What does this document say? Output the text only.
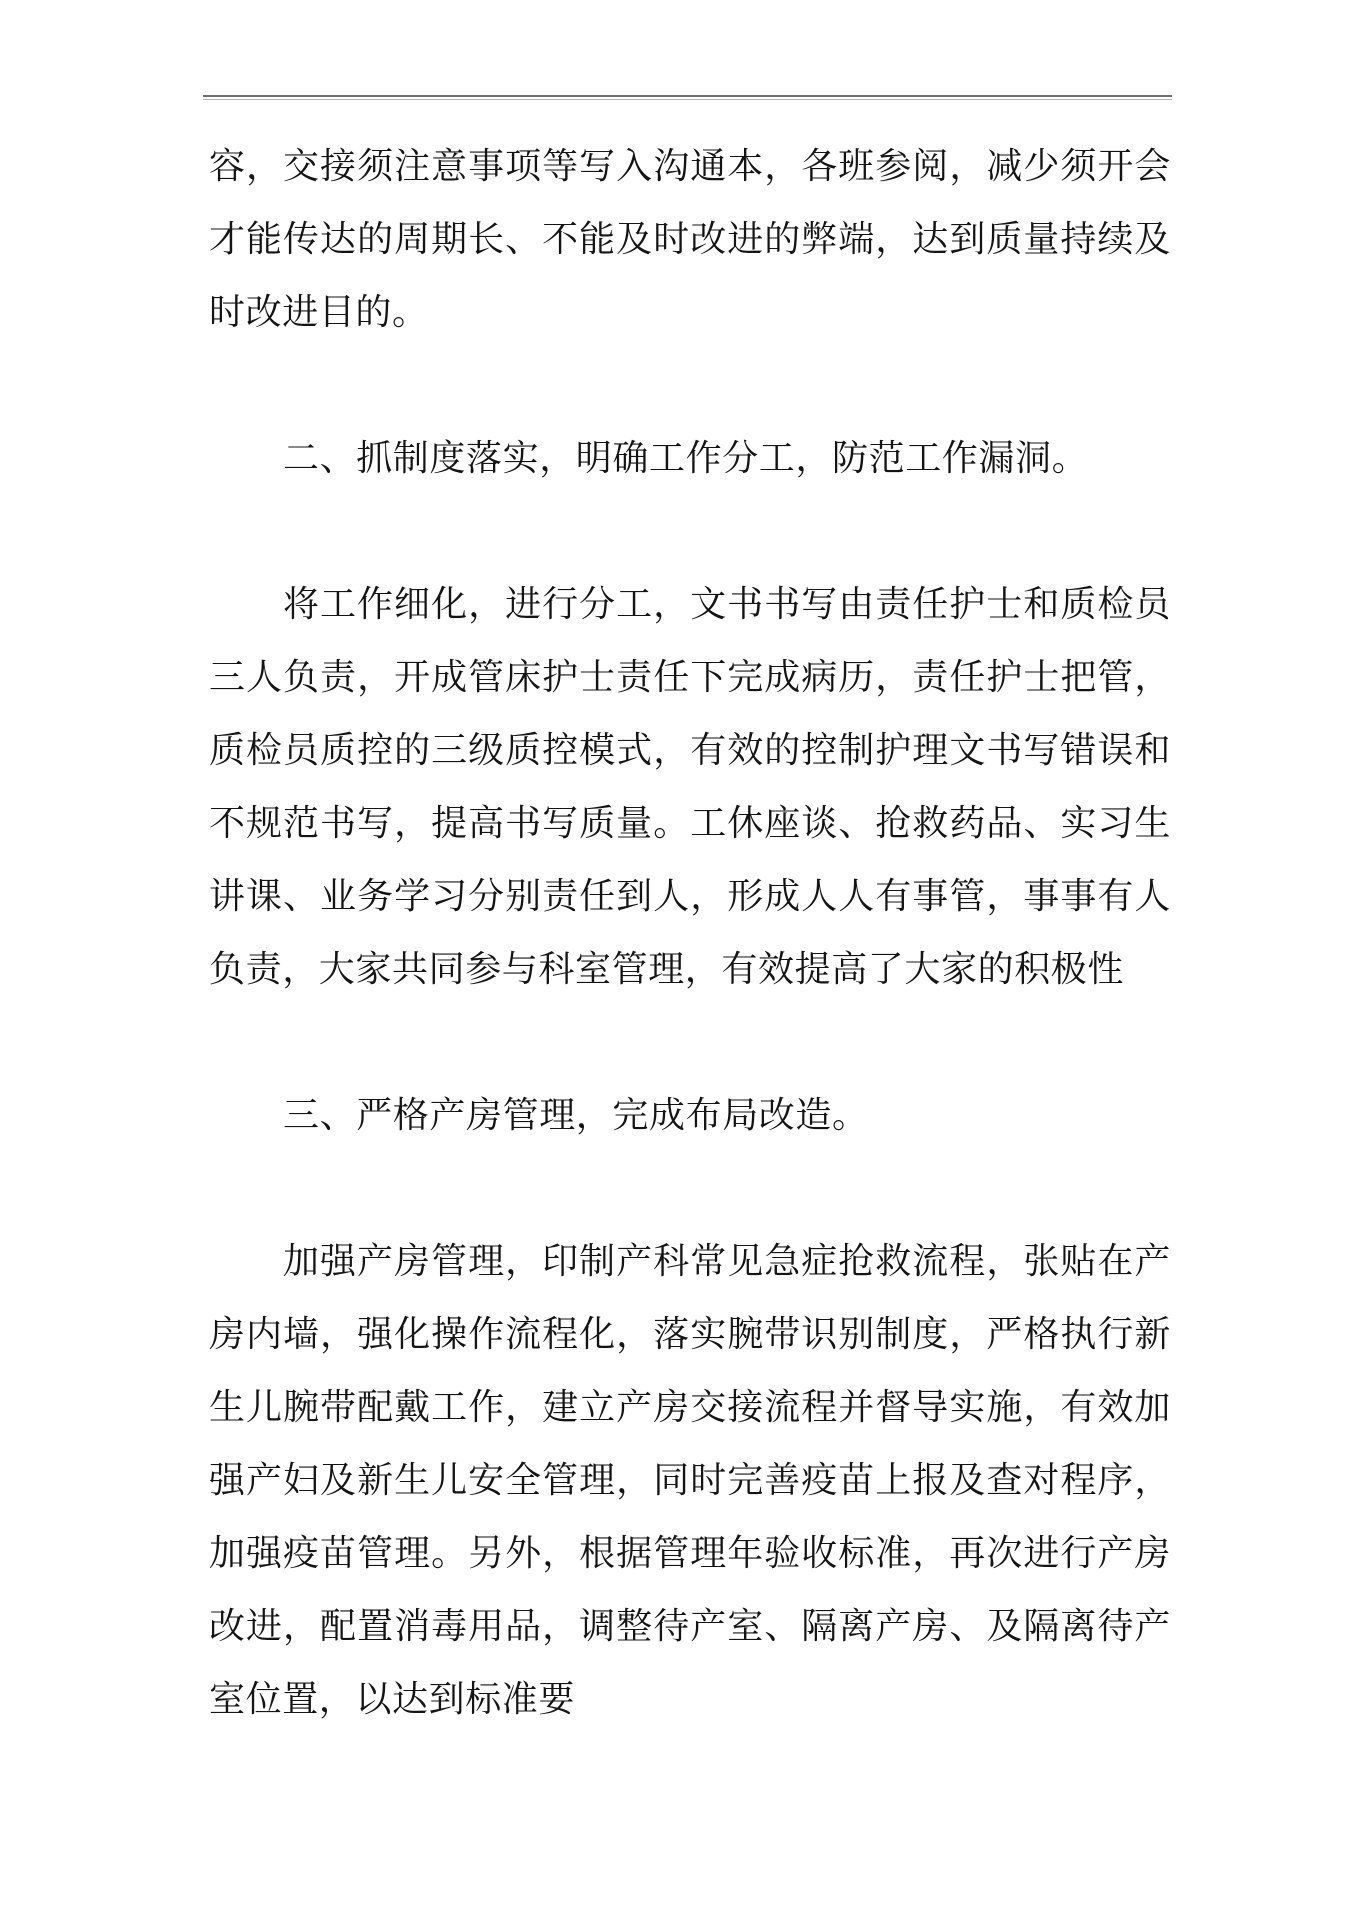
容，交接须注意事项等写入沟通本，各班参阅，减少须开会才能传达的周期长、不能及时改进的弊端，达到质量持续及时改进目的。

二、抓制度落实，明确工作分工，防范工作漏洞。

将工作细化，进行分工，文书书写由责任护士和质检员三人负责，开成管床护士责任下完成病历，责任护士把管，质检员质控的三级质控模式，有效的控制护理文书写错误和不规范书写，提高书写质量。工休座谈、抢救药品、实习生讲课、业务学习分别责任到人，形成人人有事管，事事有人负责，大家共同参与科室管理，有效提高了大家的积极性

三、严格产房管理，完成布局改造。

加强产房管理，印制产科常见急症抢救流程，张贴在产房内墙，强化操作流程化，落实腕带识别制度，严格执行新生儿腕带配戴工作，建立产房交接流程并督导实施，有效加强产妇及新生儿安全管理，同时完善疫苗上报及查对程序，加强疫苗管理。另外，根据管理年验收标准，再次进行产房改进，配置消毒用品，调整待产室、隔离产房、及隔离待产室位置，以达到标准要
